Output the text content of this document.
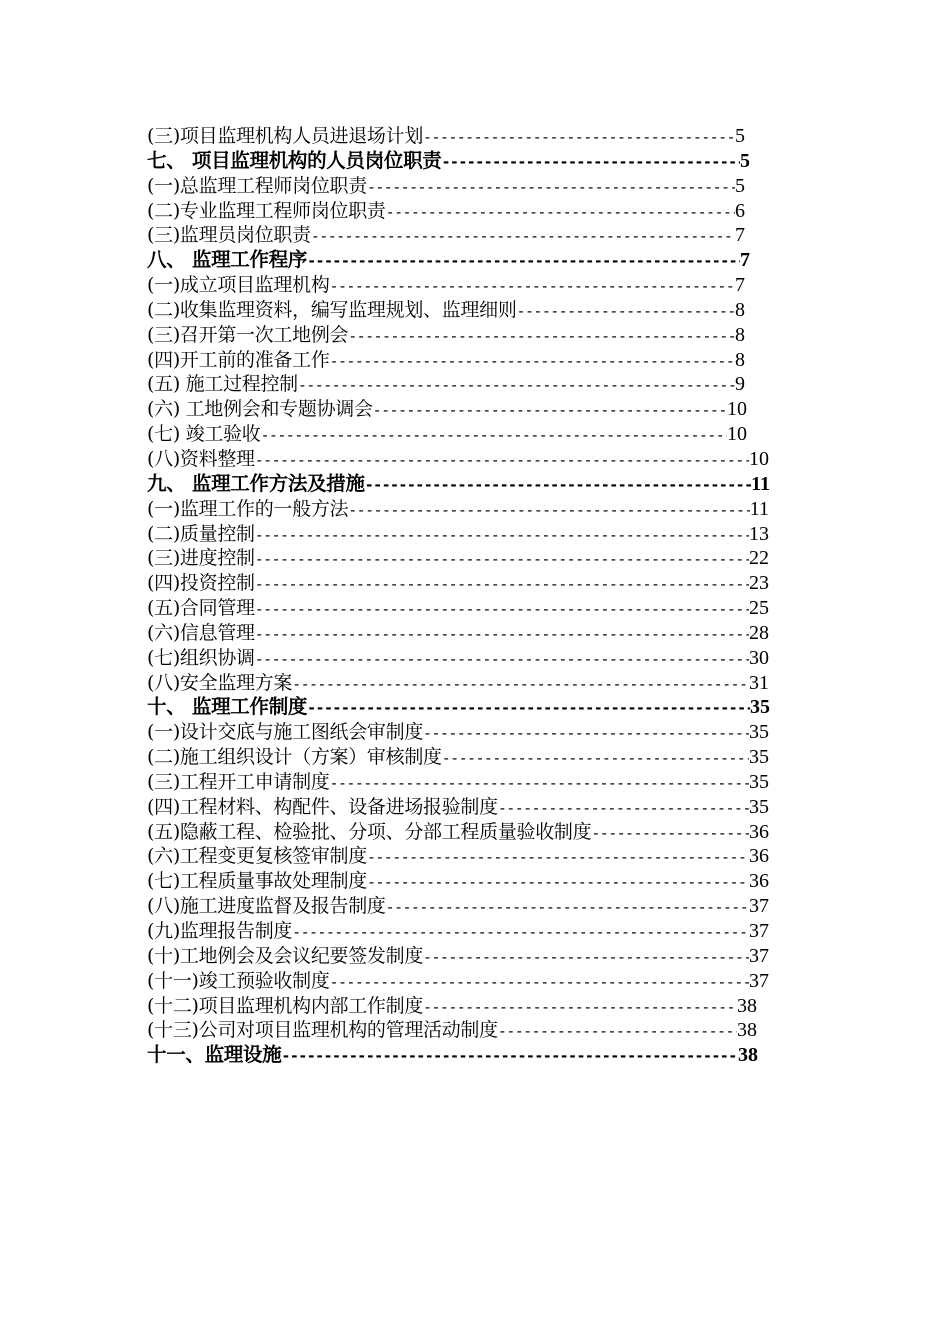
(三)项目监理机构人员进退场计划 -----	5
七、 项目监理机构的人员岗位职责 -----	5
(一)总监理工程师岗位职责 -----	5
(二)专业监理工程师岗位职责 -----	6
(三)监理员岗位职责 -----	7
八、 监理工作程序 -----	7
(一)成立项目监理机构 -----	7
(二)收集监理资料，编写监理规划、监理细则 -----	8
(三)召开第一次工地例会 -----	8
(四)开工前的准备工作 -----	8
(五) 施工过程控制 -----	9
(六) 工地例会和专题协调会 -----	10
(七) 竣工验收 -----	10
(八)资料整理 -----	10
九、 监理工作方法及措施 -----	11
(一)监理工作的一般方法 -----	11
(二)质量控制 -----	13
(三)进度控制 -----	22
(四)投资控制 -----	23
(五)合同管理 -----	25
(六)信息管理 -----	28
(七)组织协调 -----	30
(八)安全监理方案 -----	31
十、 监理工作制度 -----	35
(一)设计交底与施工图纸会审制度 -----	35
(二)施工组织设计（方案）审核制度 -----	35
(三)工程开工申请制度 -----	35
(四)工程材料、构配件、设备进场报验制度 -----	35
(五)隐蔽工程、检验批、分项、分部工程质量验收制度 -----	36
(六)工程变更复核签审制度 -----	36
(七)工程质量事故处理制度 -----	36
(八)施工进度监督及报告制度 -----	37
(九)监理报告制度 -----	37
(十)工地例会及会议纪要签发制度 -----	37
(十一)竣工预验收制度 -----	37
(十二)项目监理机构内部工作制度 -----	38
(十三)公司对项目监理机构的管理活动制度 -----	38
十一、监理设施 -----	38
